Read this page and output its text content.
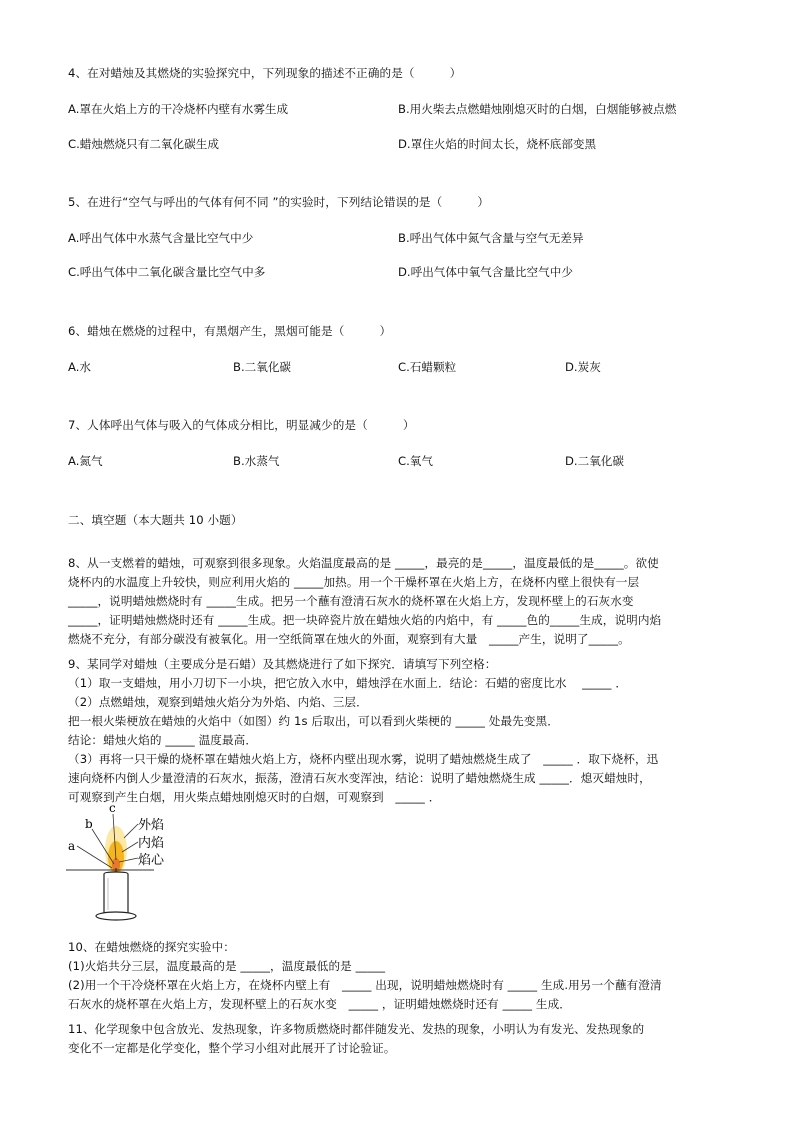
4、在对蜡烛及其燃烧的实验探究中，下列现象的描述不正确的是（　　　）
A.罩在火焰上方的干冷烧杯内壁有水雾生成	B.用火柴去点燃蜡烛刚熄灭时的白烟，白烟能够被点燃
C.蜡烛燃烧只有二氧化碳生成	D.罩住火焰的时间太长，烧杯底部变黑
5、在进行“空气与呼出的气体有何不同 ”的实验时，下列结论错误的是（　　　）
A.呼出气体中水蒸气含量比空气中少	B.呼出气体中氮气含量与空气无差异
C.呼出气体中二氧化碳含量比空气中多	D.呼出气体中氧气含量比空气中少
6、蜡烛在燃烧的过程中，有黑烟产生，黑烟可能是（　　　）
A.水	B.二氧化碳	C.石蜡颗粒	D.炭灰
7、人体呼出气体与吸入的气体成分相比，明显减少的是（　　　）
A.氮气	B.水蒸气	C.氧气	D.二氧化碳
二、填空题（本大题共 10 小题）
8、从一支燃着的蜡烛，可观察到很多现象。火焰温度最高的是 _____，最亮的是_____，温度最低的是_____。欲使
烧杯内的水温度上升较快，则应利用火焰的 _____加热。用一个干燥杯罩在火焰上方，在烧杯内壁上很快有一层
_____，说明蜡烛燃烧时有 _____生成。把另一个蘸有澄清石灰水的烧杯罩在火焰上方，发现杯壁上的石灰水变
_____，证明蜡烛燃烧时还有 _____生成。把一块碎瓷片放在蜡烛火焰的内焰中，有 _____色的_____生成，说明内焰
燃烧不充分，有部分碳没有被氧化。用一空纸筒罩在烛火的外面，观察到有大量　_____产生，说明了_____。
9、某同学对蜡烛（主要成分是石蜡）及其燃烧进行了如下探究．请填写下列空格：
（1）取一支蜡烛，用小刀切下一小块，把它放入水中，蜡烛浮在水面上．结论：石蜡的密度比水　 _____ ．
（2）点燃蜡烛，观察到蜡烛火焰分为外焰、内焰、三层．
把一根火柴梗放在蜡烛的火焰中（如图）约 1s 后取出，可以看到火柴梗的 _____ 处最先变黑．
结论：蜡烛火焰的 _____ 温度最高．
（3）再将一只干燥的烧杯罩在蜡烛火焰上方，烧杯内壁出现水雾，说明了蜡烛燃烧生成了　_____ ．取下烧杯，迅
速向烧杯内倒人少量澄清的石灰水，振荡，澄清石灰水变浑浊，结论：说明了蜡烛燃烧生成 _____．熄灭蜡烛时，
可观察到产生白烟，用火柴点蜡烛刚熄灭时的白烟，可观察到　_____ ．
a
b
c
外焰
内焰
焰心
10、在蜡烛燃烧的探究实验中：
(1)火焰共分三层，温度最高的是 _____，温度最低的是 _____
(2)用一个干冷烧杯罩在火焰上方，在烧杯内壁上有　_____ 出现，说明蜡烛燃烧时有 _____ 生成.用另一个蘸有澄清
石灰水的烧杯罩在火焰上方，发现杯壁上的石灰水变　_____ ，证明蜡烛燃烧时还有 _____ 生成．
11、化学现象中包含放光、发热现象，许多物质燃烧时都伴随发光、发热的现象，小明认为有发光、发热现象的
变化不一定都是化学变化，整个学习小组对此展开了讨论验证。
